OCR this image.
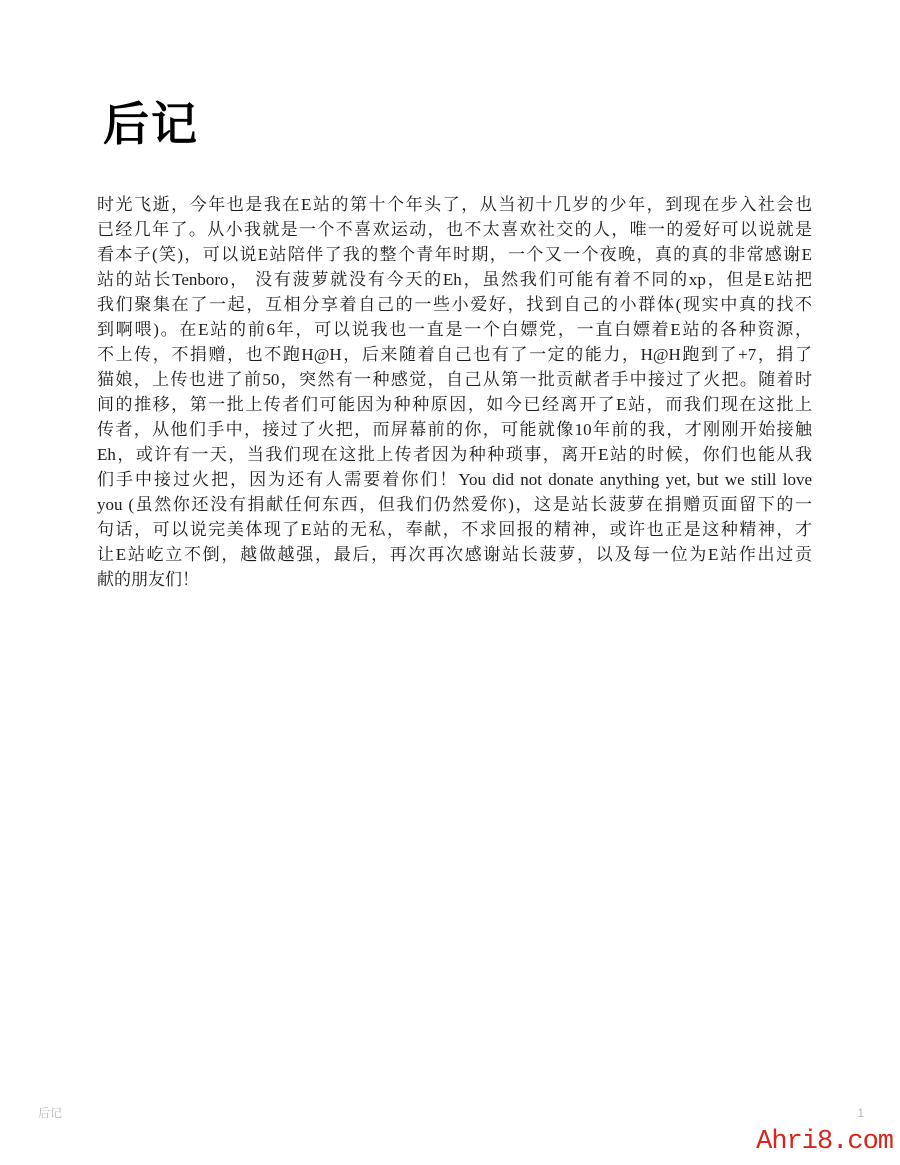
后记
时光飞逝，今年也是我在E站的第十个年头了，从当初十几岁的少年，到现在步入社会也
已经几年了。从小我就是一个不喜欢运动，也不太喜欢社交的人，唯一的爱好可以说就是
看本子(笑)，可以说E站陪伴了我的整个青年时期，一个又一个夜晚，真的真的非常感谢E
站的站长Tenboro， 没有菠萝就没有今天的Eh，虽然我们可能有着不同的xp，但是E站把
我们聚集在了一起，互相分享着自己的一些小爱好，找到自己的小群体(现实中真的找不
到啊喂)。在E站的前6年，可以说我也一直是一个白嫖党，一直白嫖着E站的各种资源，
不上传，不捐赠，也不跑H@H，后来随着自己也有了一定的能力，H@H跑到了+7，捐了
猫娘，上传也进了前50，突然有一种感觉，自己从第一批贡献者手中接过了火把。随着时
间的推移，第一批上传者们可能因为种种原因，如今已经离开了E站，而我们现在这批上
传者，从他们手中，接过了火把，而屏幕前的你，可能就像10年前的我，才刚刚开始接触
Eh，或许有一天，当我们现在这批上传者因为种种琐事，离开E站的时候，你们也能从我
们手中接过火把，因为还有人需要着你们！You did not donate anything yet, but we still love
you (虽然你还没有捐献任何东西，但我们仍然爱你)，这是站长菠萝在捐赠页面留下的一
句话，可以说完美体现了E站的无私，奉献，不求回报的精神，或许也正是这种精神，才
让E站屹立不倒，越做越强，最后，再次再次感谢站长菠萝，以及每一位为E站作出过贡
献的朋友们！
后记	1
Ahri8.com
